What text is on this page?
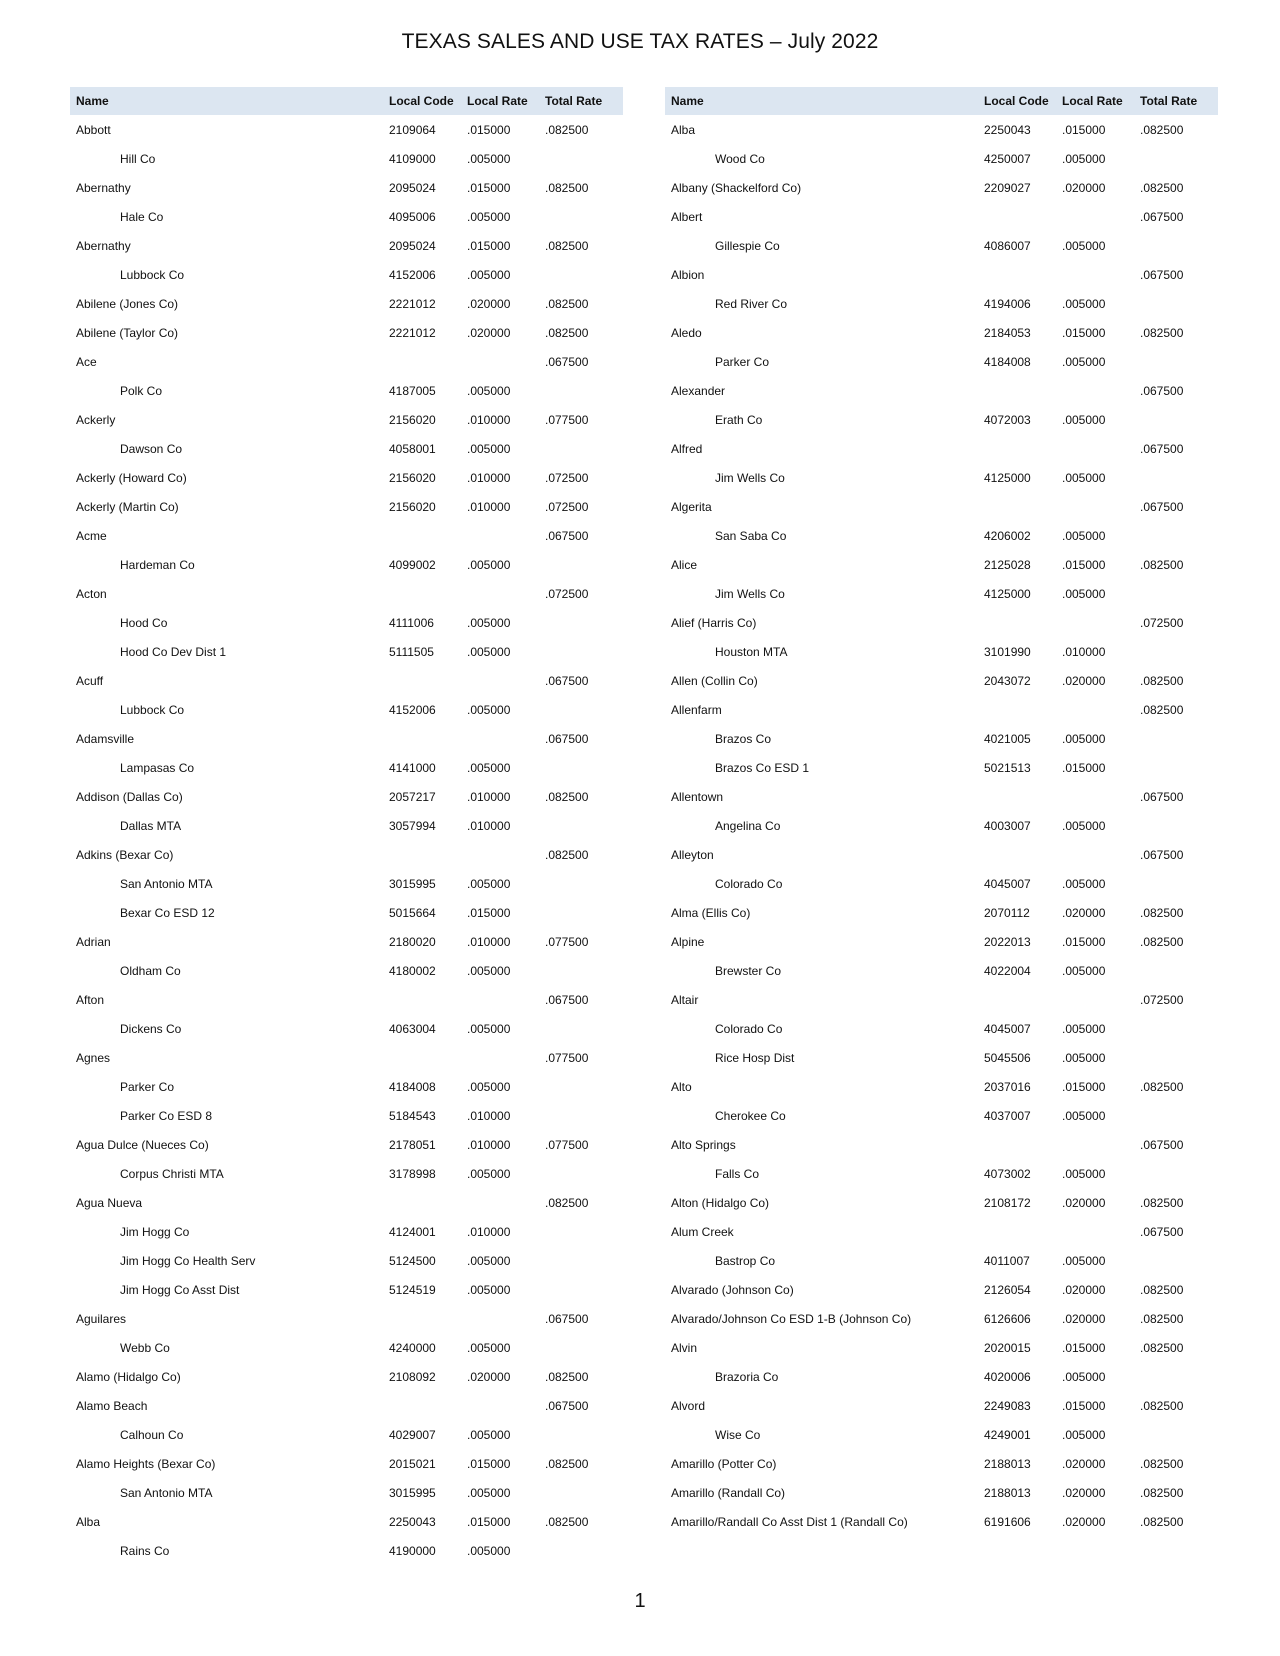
TEXAS SALES AND USE TAX RATES – July 2022
Name	Local Code	Local Rate	Total Rate
Abbott	2109064	.015000	.082500
Hill Co	4109000	.005000	
Abernathy	2095024	.015000	.082500
Hale Co	4095006	.005000	
Abernathy	2095024	.015000	.082500
Lubbock Co	4152006	.005000	
Abilene (Jones Co)	2221012	.020000	.082500
Abilene (Taylor Co)	2221012	.020000	.082500
Ace			.067500
Polk Co	4187005	.005000	
Ackerly	2156020	.010000	.077500
Dawson Co	4058001	.005000	
Ackerly (Howard Co)	2156020	.010000	.072500
Ackerly (Martin Co)	2156020	.010000	.072500
Acme			.067500
Hardeman Co	4099002	.005000	
Acton			.072500
Hood Co	4111006	.005000	
Hood Co Dev Dist 1	5111505	.005000	
Acuff			.067500
Lubbock Co	4152006	.005000	
Adamsville			.067500
Lampasas Co	4141000	.005000	
Addison (Dallas Co)	2057217	.010000	.082500
Dallas MTA	3057994	.010000	
Adkins (Bexar Co)			.082500
San Antonio MTA	3015995	.005000	
Bexar Co ESD 12	5015664	.015000	
Adrian	2180020	.010000	.077500
Oldham Co	4180002	.005000	
Afton			.067500
Dickens Co	4063004	.005000	
Agnes			.077500
Parker Co	4184008	.005000	
Parker Co ESD 8	5184543	.010000	
Agua Dulce (Nueces Co)	2178051	.010000	.077500
Corpus Christi MTA	3178998	.005000	
Agua Nueva			.082500
Jim Hogg Co	4124001	.010000	
Jim Hogg Co Health Serv	5124500	.005000	
Jim Hogg Co Asst Dist	5124519	.005000	
Aguilares			.067500
Webb Co	4240000	.005000	
Alamo (Hidalgo Co)	2108092	.020000	.082500
Alamo Beach			.067500
Calhoun Co	4029007	.005000	
Alamo Heights (Bexar Co)	2015021	.015000	.082500
San Antonio MTA	3015995	.005000	
Alba	2250043	.015000	.082500
Rains Co	4190000	.005000	
Name	Local Code	Local Rate	Total Rate
Alba	2250043	.015000	.082500
Wood Co	4250007	.005000	
Albany (Shackelford Co)	2209027	.020000	.082500
Albert			.067500
Gillespie Co	4086007	.005000	
Albion			.067500
Red River Co	4194006	.005000	
Aledo	2184053	.015000	.082500
Parker Co	4184008	.005000	
Alexander			.067500
Erath Co	4072003	.005000	
Alfred			.067500
Jim Wells Co	4125000	.005000	
Algerita			.067500
San Saba Co	4206002	.005000	
Alice	2125028	.015000	.082500
Jim Wells Co	4125000	.005000	
Alief (Harris Co)			.072500
Houston MTA	3101990	.010000	
Allen (Collin Co)	2043072	.020000	.082500
Allenfarm			.082500
Brazos Co	4021005	.005000	
Brazos Co ESD 1	5021513	.015000	
Allentown			.067500
Angelina Co	4003007	.005000	
Alleyton			.067500
Colorado Co	4045007	.005000	
Alma (Ellis Co)	2070112	.020000	.082500
Alpine	2022013	.015000	.082500
Brewster Co	4022004	.005000	
Altair			.072500
Colorado Co	4045007	.005000	
Rice Hosp Dist	5045506	.005000	
Alto	2037016	.015000	.082500
Cherokee Co	4037007	.005000	
Alto Springs			.067500
Falls Co	4073002	.005000	
Alton (Hidalgo Co)	2108172	.020000	.082500
Alum Creek			.067500
Bastrop Co	4011007	.005000	
Alvarado (Johnson Co)	2126054	.020000	.082500
Alvarado/Johnson Co ESD 1-B (Johnson Co)	6126606	.020000	.082500
Alvin	2020015	.015000	.082500
Brazoria Co	4020006	.005000	
Alvord	2249083	.015000	.082500
Wise Co	4249001	.005000	
Amarillo (Potter Co)	2188013	.020000	.082500
Amarillo (Randall Co)	2188013	.020000	.082500
Amarillo/Randall Co Asst Dist 1 (Randall Co)	6191606	.020000	.082500
1
